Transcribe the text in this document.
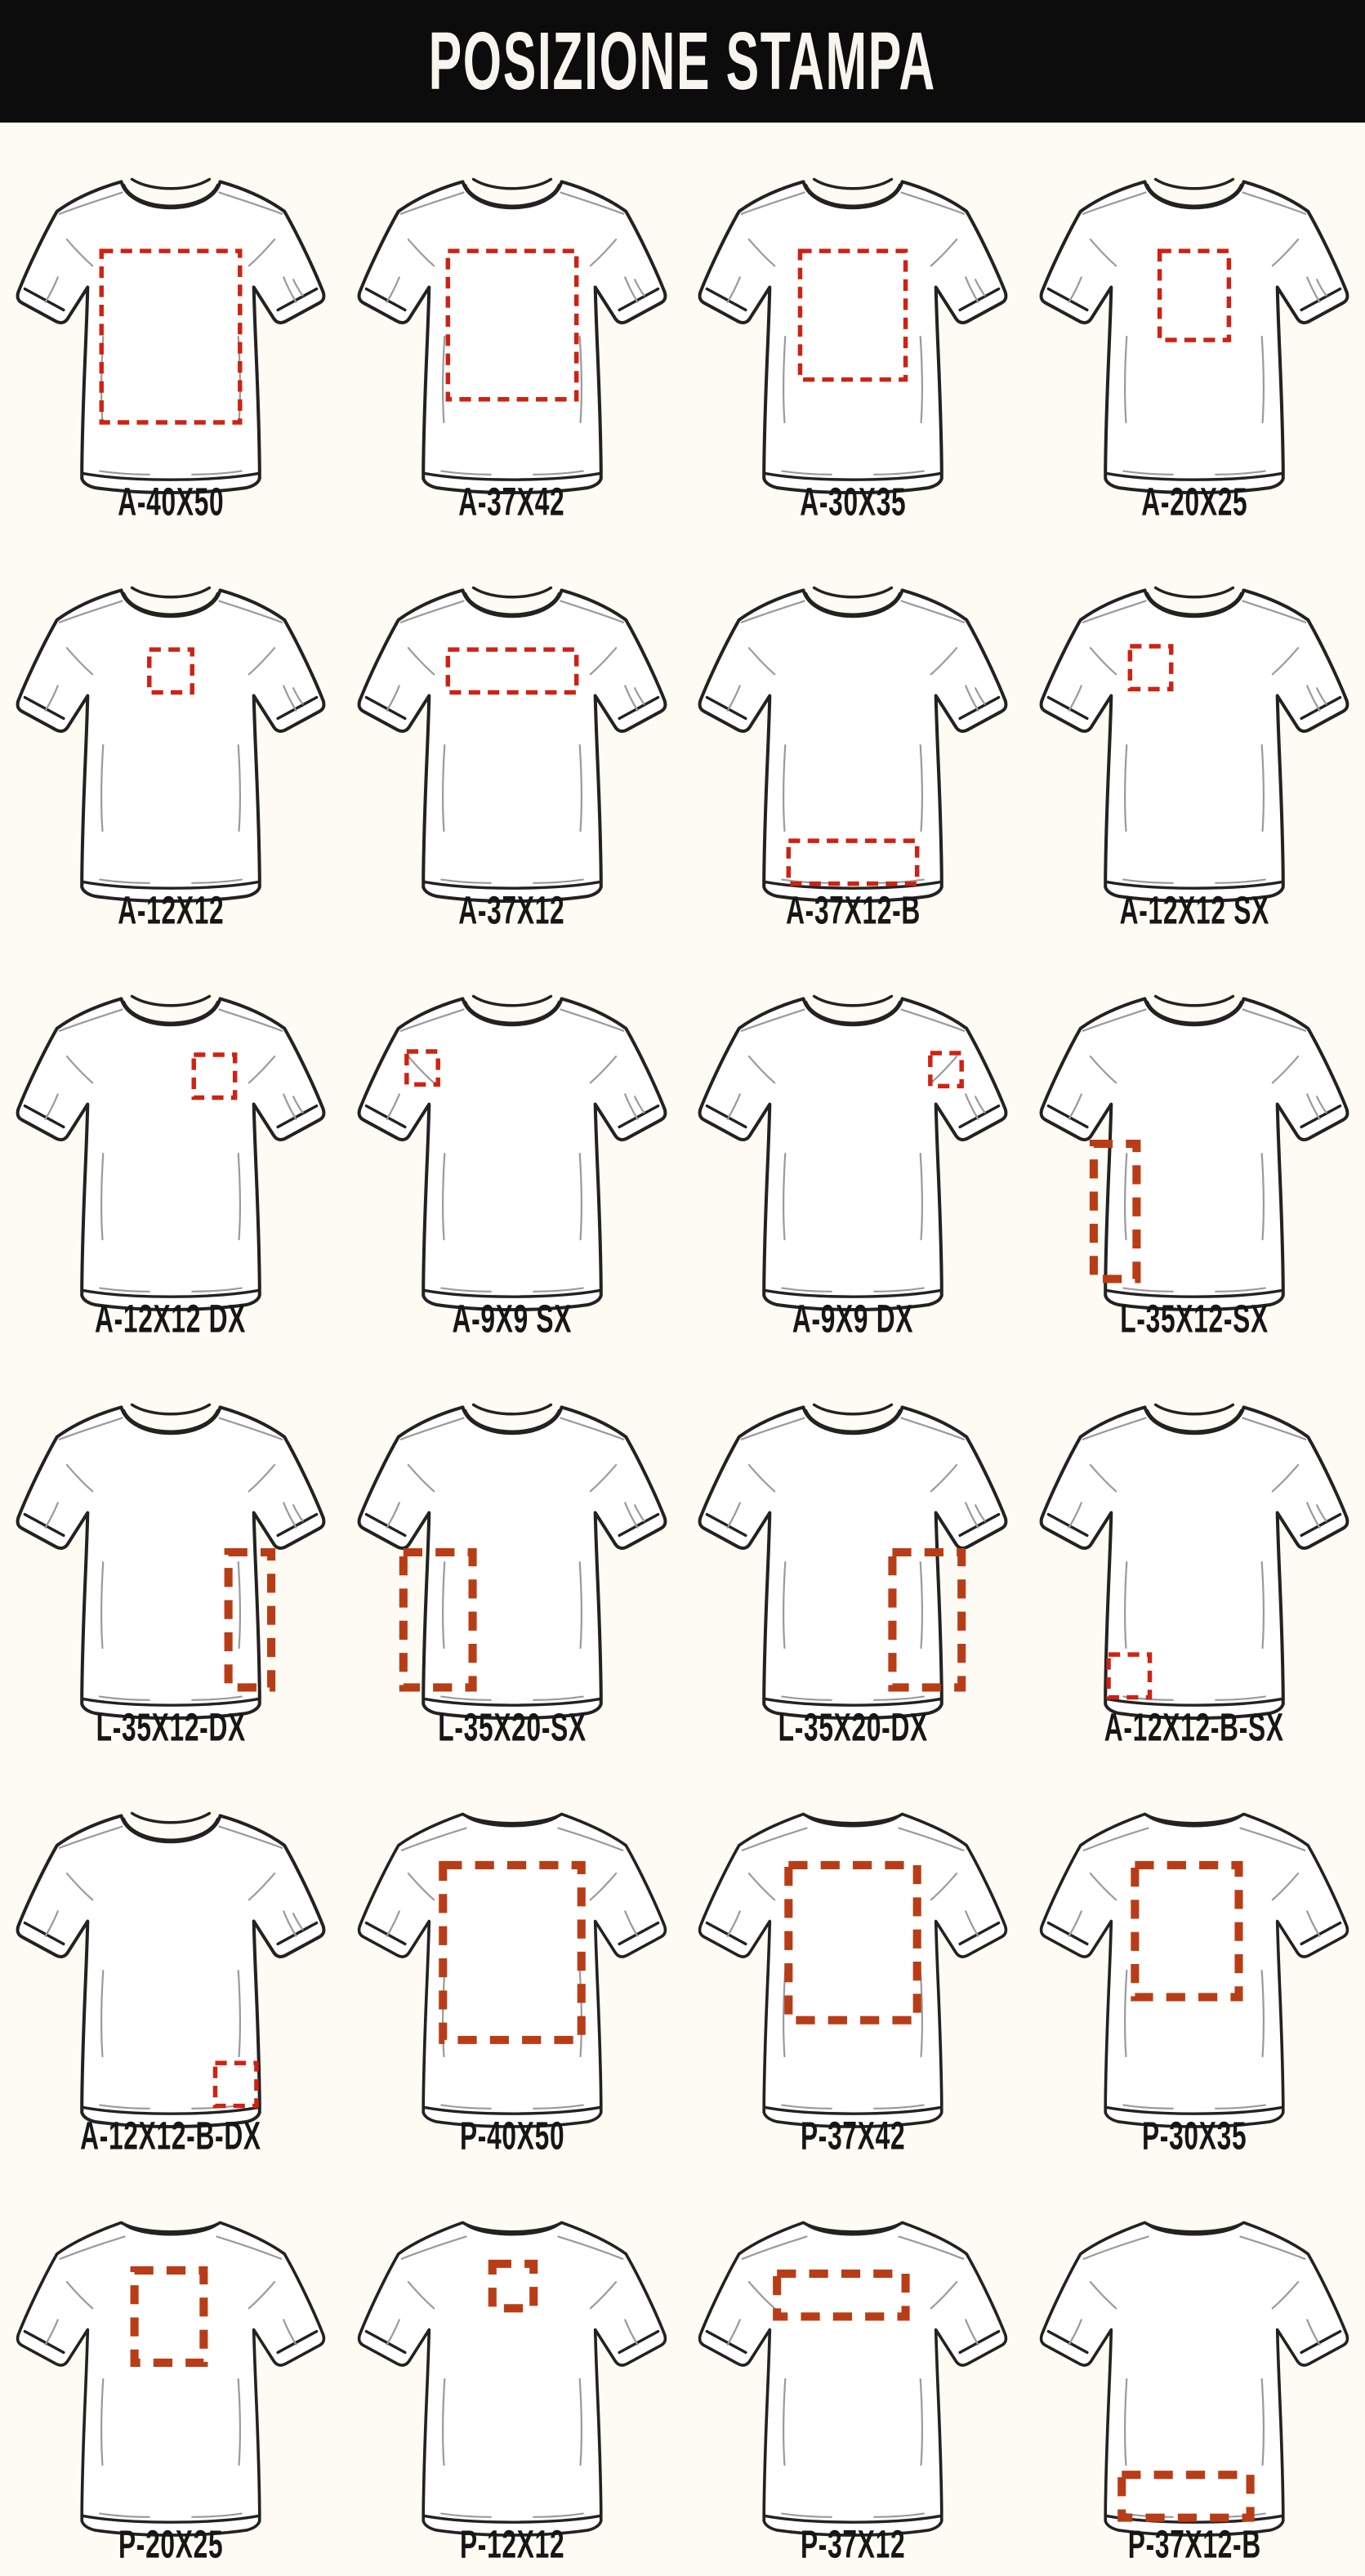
POSIZIONE STAMPA
A-40X50	A-37X42	A-30X35	A-20X25
A-12X12	A-37X12	A-37X12-B	A-12X12 SX
A-12X12 DX	A-9X9 SX	A-9X9 DX	L-35X12-SX
L-35X12-DX	L-35X20-SX	L-35X20-DX	A-12X12-B-SX
A-12X12-B-DX	P-40X50	P-37X42	P-30X35
P-20X25	P-12X12	P-37X12	P-37X12-B
